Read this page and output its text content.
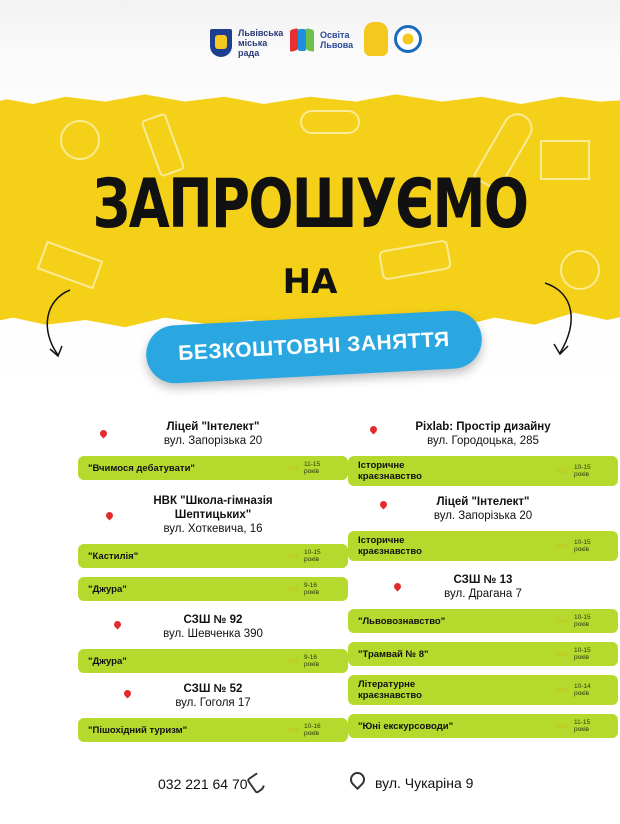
Львівська міська рада
Освіта
Львова
ЗАПРОШУЄМО
НА
БЕЗКОШТОВНІ ЗАНЯТТЯ
Ліцей "Інтелект"
вул. Запорізька 20
"Вчимося дебатувати"	☺☺ 11-15
років
НВК "Школа-гімназія
Шептицьких"
вул. Хоткевича, 16
"Кастилія"	☺☺ 10-15
років
"Джура"	☺☺ 9-16
років
СЗШ № 92
вул. Шевченка 390
"Джура"	☺☺ 9-16
років
СЗШ № 52
вул. Гоголя 17
"Пішохідний туризм"	☺☺ 10-16
років
Pixlab: Простір дизайну
вул. Городоцька, 285
Історичне
краєзнавство	☺☺ 10-15
років
Ліцей "Інтелект"
вул. Запорізька 20
Історичне
краєзнавство	☺☺ 10-15
років
СЗШ № 13
вул. Драгана 7
"Львовознавство"	☺☺ 10-15
років
"Трамвай № 8"	☺☺ 10-15
років
Літературне
краєзнавство	☺☺ 10-14
років
"Юні екскурсоводи"	☺☺ 11-15
років
032 221 64 70	вул. Чукаріна 9
